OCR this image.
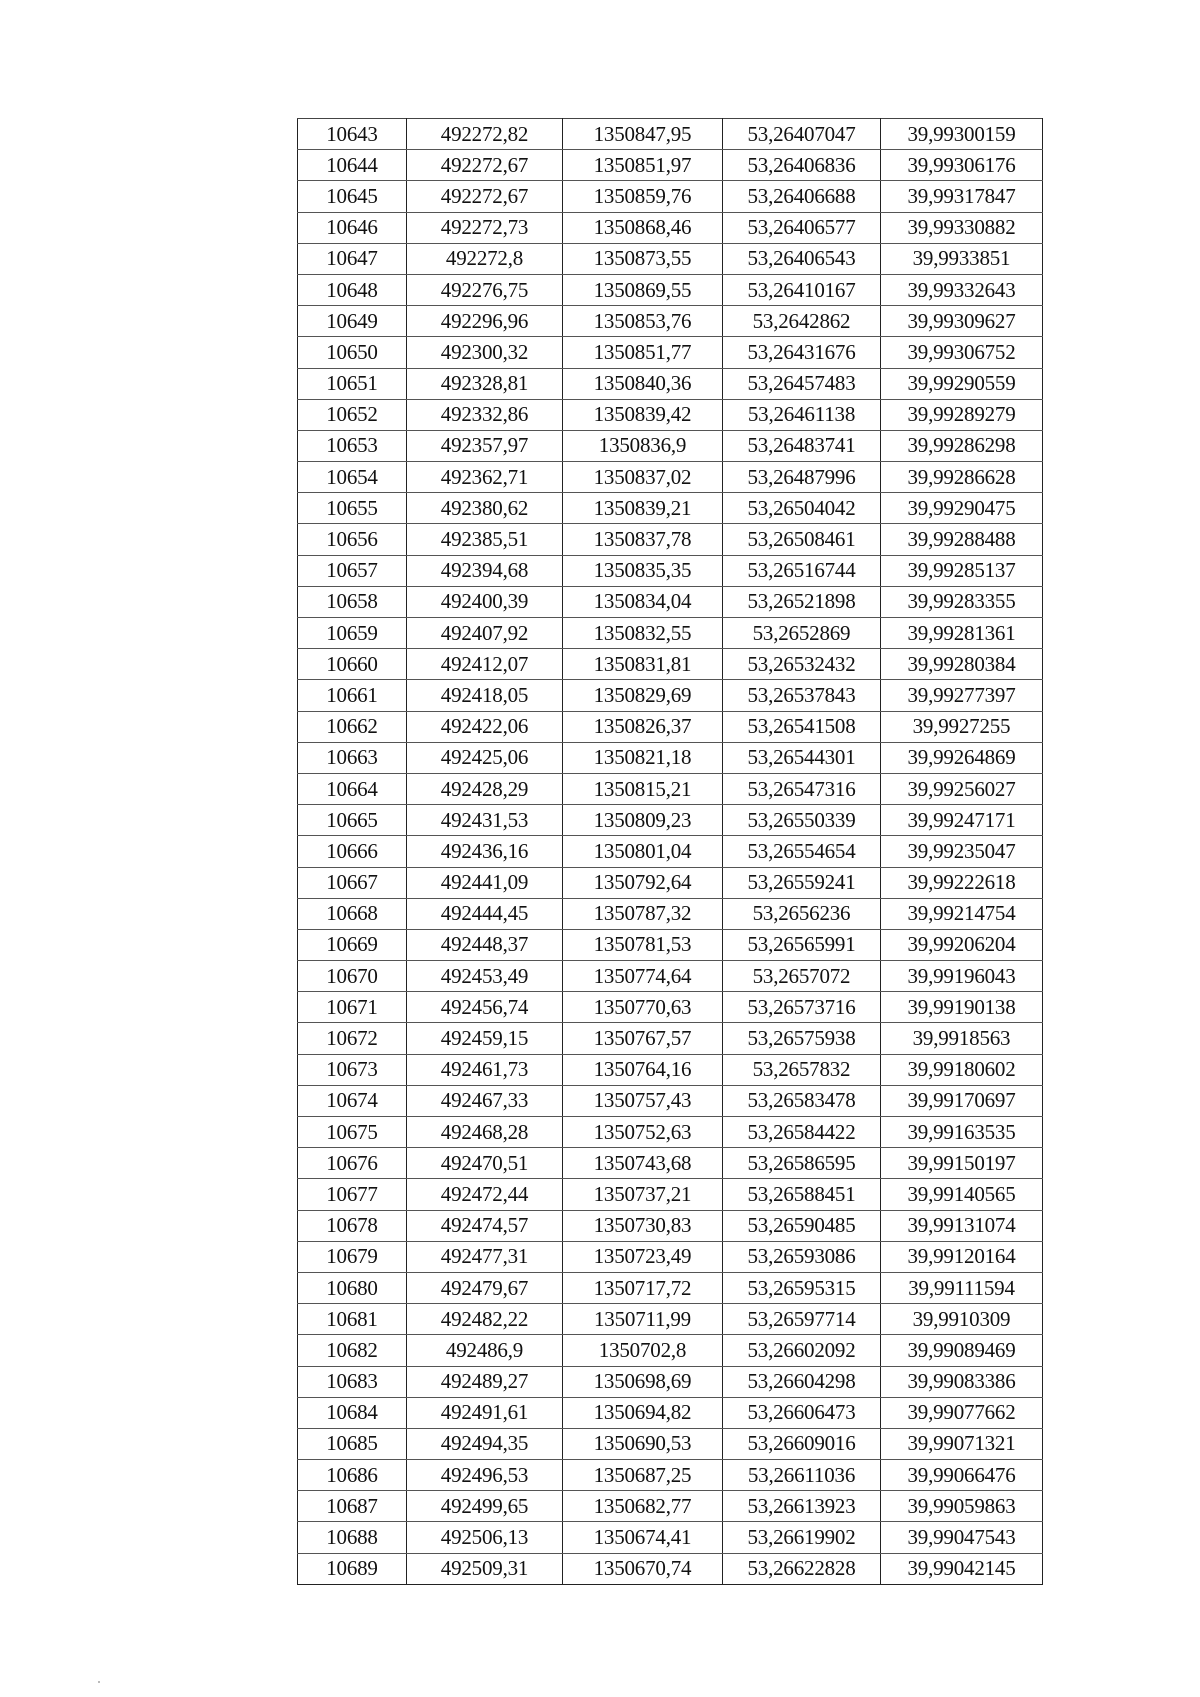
10643	492272,82	1350847,95	53,26407047	39,99300159
10644	492272,67	1350851,97	53,26406836	39,99306176
10645	492272,67	1350859,76	53,26406688	39,99317847
10646	492272,73	1350868,46	53,26406577	39,99330882
10647	492272,8	1350873,55	53,26406543	39,9933851
10648	492276,75	1350869,55	53,26410167	39,99332643
10649	492296,96	1350853,76	53,2642862	39,99309627
10650	492300,32	1350851,77	53,26431676	39,99306752
10651	492328,81	1350840,36	53,26457483	39,99290559
10652	492332,86	1350839,42	53,26461138	39,99289279
10653	492357,97	1350836,9	53,26483741	39,99286298
10654	492362,71	1350837,02	53,26487996	39,99286628
10655	492380,62	1350839,21	53,26504042	39,99290475
10656	492385,51	1350837,78	53,26508461	39,99288488
10657	492394,68	1350835,35	53,26516744	39,99285137
10658	492400,39	1350834,04	53,26521898	39,99283355
10659	492407,92	1350832,55	53,2652869	39,99281361
10660	492412,07	1350831,81	53,26532432	39,99280384
10661	492418,05	1350829,69	53,26537843	39,99277397
10662	492422,06	1350826,37	53,26541508	39,9927255
10663	492425,06	1350821,18	53,26544301	39,99264869
10664	492428,29	1350815,21	53,26547316	39,99256027
10665	492431,53	1350809,23	53,26550339	39,99247171
10666	492436,16	1350801,04	53,26554654	39,99235047
10667	492441,09	1350792,64	53,26559241	39,99222618
10668	492444,45	1350787,32	53,2656236	39,99214754
10669	492448,37	1350781,53	53,26565991	39,99206204
10670	492453,49	1350774,64	53,2657072	39,99196043
10671	492456,74	1350770,63	53,26573716	39,99190138
10672	492459,15	1350767,57	53,26575938	39,9918563
10673	492461,73	1350764,16	53,2657832	39,99180602
10674	492467,33	1350757,43	53,26583478	39,99170697
10675	492468,28	1350752,63	53,26584422	39,99163535
10676	492470,51	1350743,68	53,26586595	39,99150197
10677	492472,44	1350737,21	53,26588451	39,99140565
10678	492474,57	1350730,83	53,26590485	39,99131074
10679	492477,31	1350723,49	53,26593086	39,99120164
10680	492479,67	1350717,72	53,26595315	39,99111594
10681	492482,22	1350711,99	53,26597714	39,9910309
10682	492486,9	1350702,8	53,26602092	39,99089469
10683	492489,27	1350698,69	53,26604298	39,99083386
10684	492491,61	1350694,82	53,26606473	39,99077662
10685	492494,35	1350690,53	53,26609016	39,99071321
10686	492496,53	1350687,25	53,26611036	39,99066476
10687	492499,65	1350682,77	53,26613923	39,99059863
10688	492506,13	1350674,41	53,26619902	39,99047543
10689	492509,31	1350670,74	53,26622828	39,99042145
